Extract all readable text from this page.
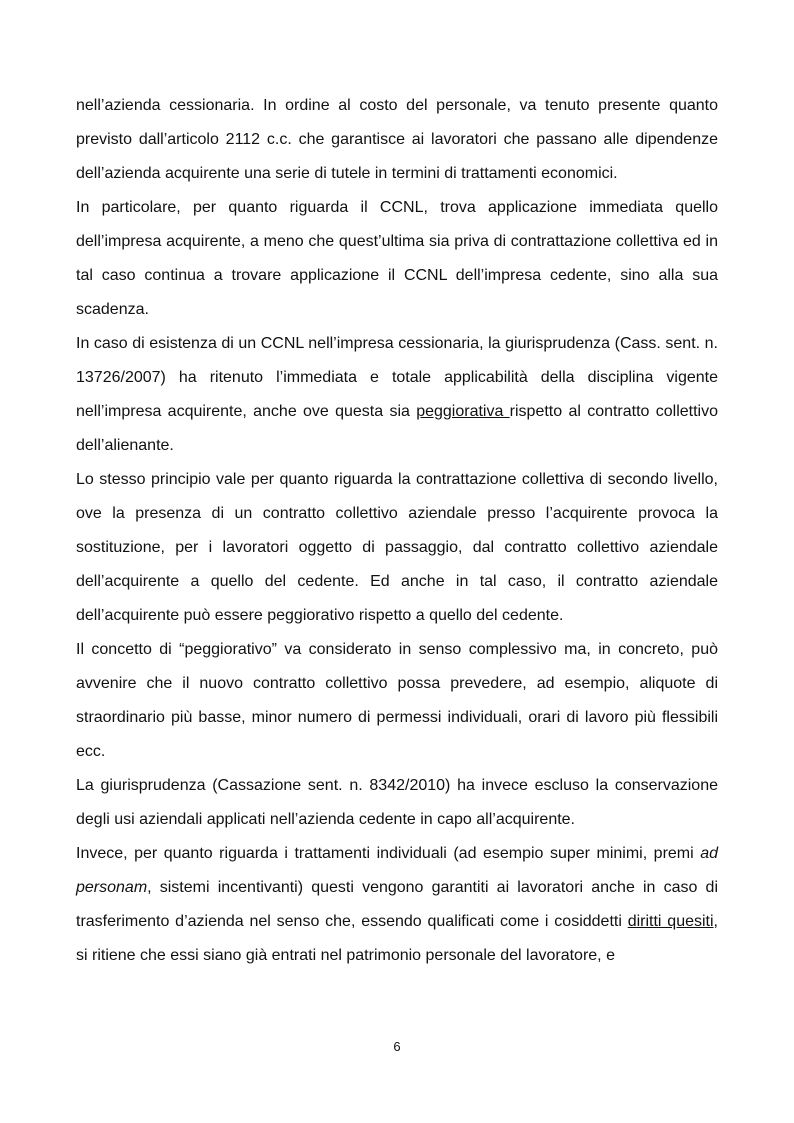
nell’azienda cessionaria. In ordine al costo del personale, va tenuto presente quanto previsto dall’articolo 2112 c.c. che garantisce ai lavoratori che passano alle dipendenze dell’azienda acquirente una serie di tutele in termini di trattamenti economici.

In particolare, per quanto riguarda il CCNL, trova applicazione immediata quello dell’impresa acquirente, a meno che quest’ultima sia priva di contrattazione collettiva ed in tal caso continua a trovare applicazione il CCNL dell’impresa cedente, sino alla sua scadenza.

In caso di esistenza di un CCNL nell’impresa cessionaria, la giurisprudenza (Cass. sent. n. 13726/2007) ha ritenuto l’immediata e totale applicabilità della disciplina vigente nell’impresa acquirente, anche ove questa sia peggiorativa rispetto al contratto collettivo dell’alienante.

Lo stesso principio vale per quanto riguarda la contrattazione collettiva di secondo livello, ove la presenza di un contratto collettivo aziendale presso l’acquirente provoca la sostituzione, per i lavoratori oggetto di passaggio, dal contratto collettivo aziendale dell’acquirente a quello del cedente. Ed anche in tal caso, il contratto aziendale dell’acquirente può essere peggiorativo rispetto a quello del cedente.

Il concetto di “peggiorativo” va considerato in senso complessivo ma, in concreto, può avvenire che il nuovo contratto collettivo possa prevedere, ad esempio, aliquote di straordinario più basse, minor numero di permessi individuali, orari di lavoro più flessibili ecc.

La giurisprudenza (Cassazione sent. n. 8342/2010) ha invece escluso la conservazione degli usi aziendali applicati nell’azienda cedente in capo all’acquirente.

Invece, per quanto riguarda i trattamenti individuali (ad esempio super minimi, premi ad personam, sistemi incentivanti) questi vengono garantiti ai lavoratori anche in caso di trasferimento d’azienda nel senso che, essendo qualificati come i cosiddetti diritti quesiti, si ritiene che essi siano già entrati nel patrimonio personale del lavoratore, e

6
